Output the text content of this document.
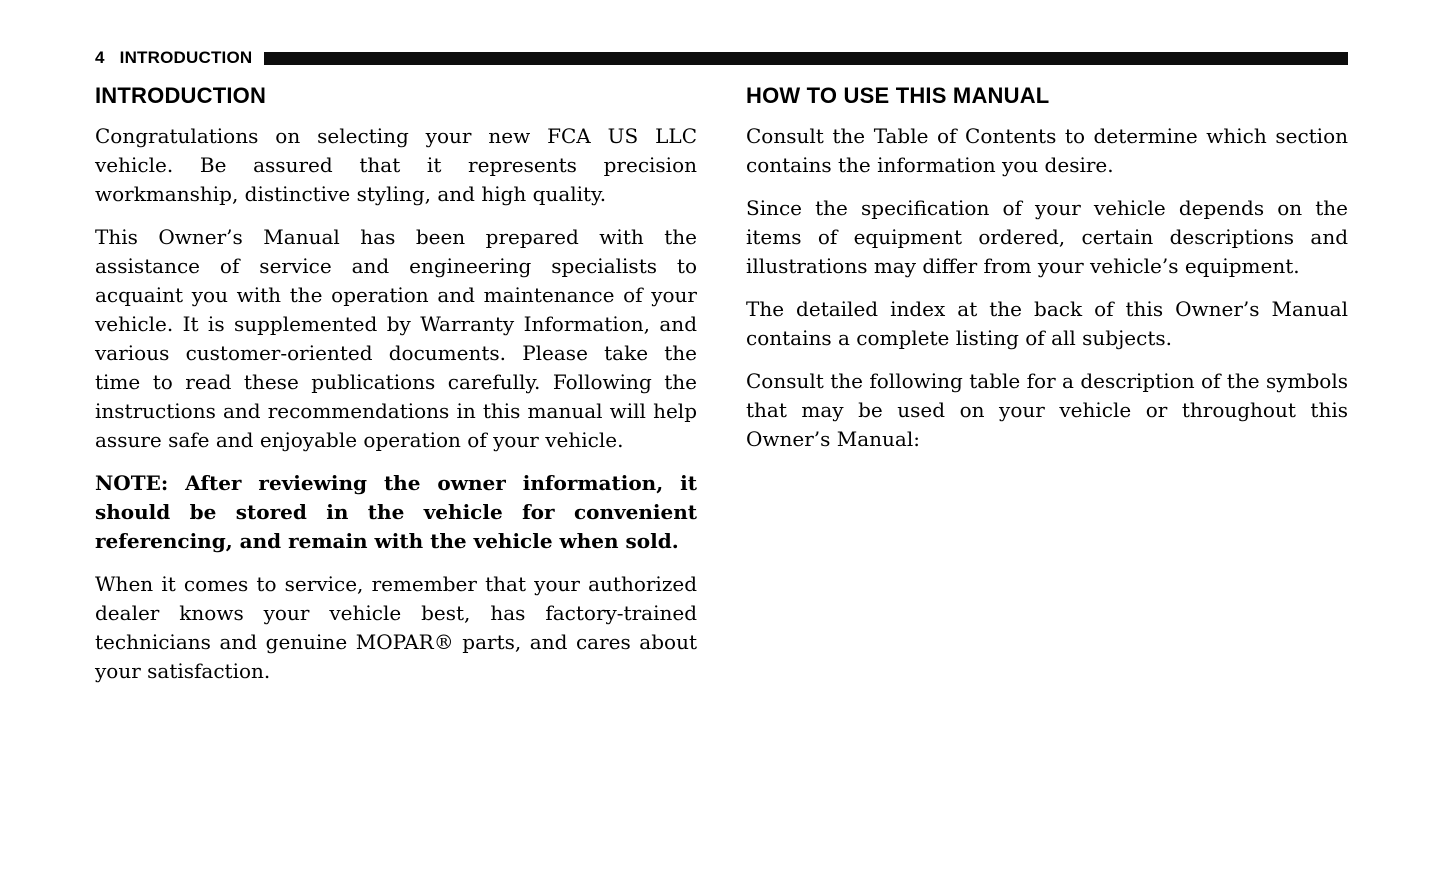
4 INTRODUCTION
INTRODUCTION

Congratulations on selecting your new FCA US LLC vehicle. Be assured that it represents precision workmanship, distinctive styling, and high quality.

This Owner’s Manual has been prepared with the assistance of service and engineering specialists to acquaint you with the operation and maintenance of your vehicle. It is supplemented by Warranty Information, and various customer-oriented documents. Please take the time to read these publications carefully. Following the instructions and recommendations in this manual will help assure safe and enjoyable operation of your vehicle.

NOTE: After reviewing the owner information, it should be stored in the vehicle for convenient referencing, and remain with the vehicle when sold.

When it comes to service, remember that your authorized dealer knows your vehicle best, has factory-trained technicians and genuine MOPAR® parts, and cares about your satisfaction.

HOW TO USE THIS MANUAL

Consult the Table of Contents to determine which section contains the information you desire.

Since the specification of your vehicle depends on the items of equipment ordered, certain descriptions and illustrations may differ from your vehicle’s equipment.

The detailed index at the back of this Owner’s Manual contains a complete listing of all subjects.

Consult the following table for a description of the symbols that may be used on your vehicle or throughout this Owner’s Manual:
